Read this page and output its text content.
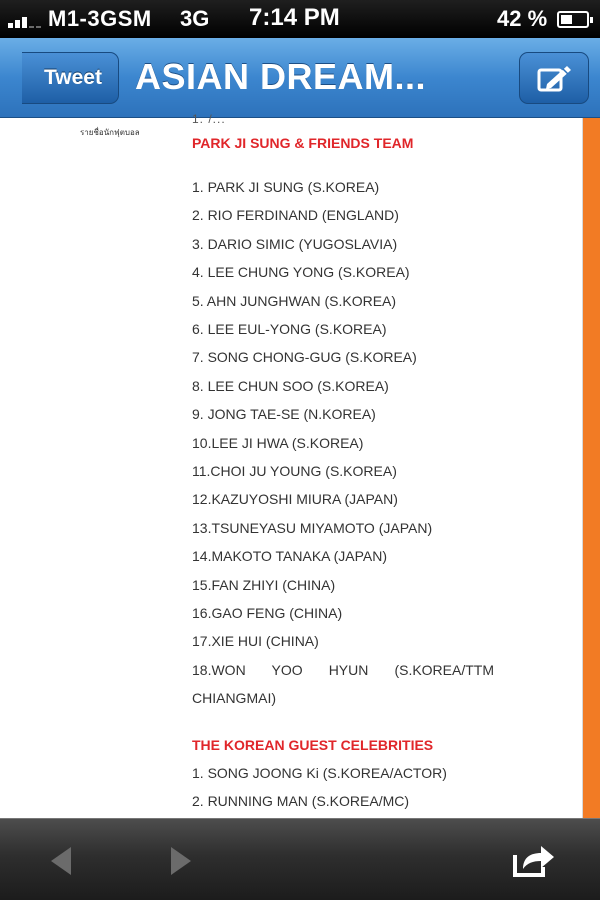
M1-3GSM 3G 7:14 PM	42 %
Tweet ASIAN DREAM...
1. /...
รายชื่อนักฟุตบอล
PARK JI SUNG & FRIENDS TEAM
1. PARK JI SUNG (S.KOREA)
2. RIO FERDINAND (ENGLAND)
3. DARIO SIMIC (YUGOSLAVIA)
4. LEE CHUNG YONG (S.KOREA)
5. AHN JUNGHWAN (S.KOREA)
6. LEE EUL-YONG (S.KOREA)
7. SONG CHONG-GUG (S.KOREA)
8. LEE CHUN SOO (S.KOREA)
9. JONG TAE-SE (N.KOREA)
10.LEE JI HWA (S.KOREA)
11.CHOI JU YOUNG (S.KOREA)
12.KAZUYOSHI MIURA (JAPAN)
13.TSUNEYASU MIYAMOTO (JAPAN)
14.MAKOTO TANAKA (JAPAN)
15.FAN ZHIYI (CHINA)
16.GAO FENG (CHINA)
17.XIE HUI (CHINA)
18.WON YOO HYUN (S.KOREA/TTM
CHIANGMAI)
THE KOREAN GUEST CELEBRITIES
1. SONG JOONG Ki (S.KOREA/ACTOR)
2. RUNNING MAN (S.KOREA/MC)
